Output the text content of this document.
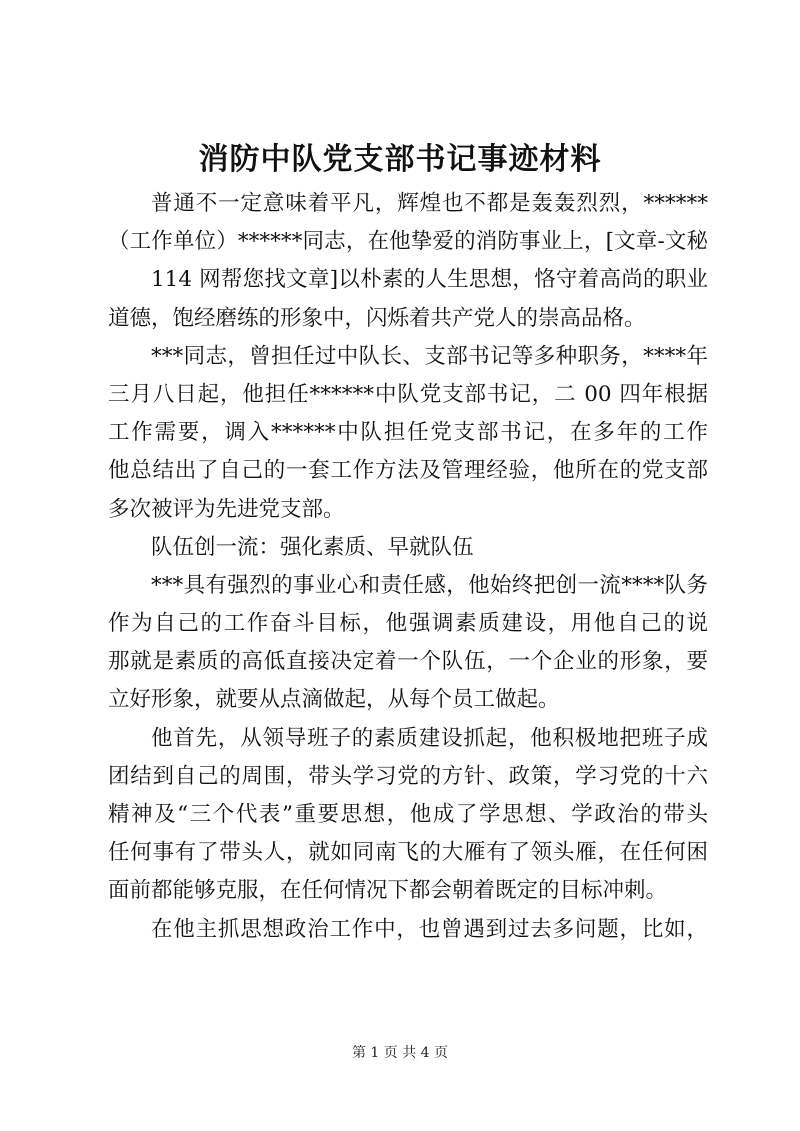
消防中队党支部书记事迹材料
普通不一定意味着平凡，辉煌也不都是轰轰烈烈，******
（工作单位）******同志，在他挚爱的消防事业上，[文章-文秘
114 网帮您找文章]以朴素的人生思想，恪守着高尚的职业
道德，饱经磨练的形象中，闪烁着共产党人的崇高品格。
***同志，曾担任过中队长、支部书记等多种职务，****年
三月八日起，他担任******中队党支部书记，二 00 四年根据
工作需要，调入******中队担任党支部书记，在多年的工作
他总结出了自己的一套工作方法及管理经验，他所在的党支部
多次被评为先进党支部。
队伍创一流：强化素质、早就队伍
***具有强烈的事业心和责任感，他始终把创一流****队务
作为自己的工作奋斗目标，他强调素质建设，用他自己的说
那就是素质的高低直接决定着一个队伍，一个企业的形象，要
立好形象，就要从点滴做起，从每个员工做起。
他首先，从领导班子的素质建设抓起，他积极地把班子成
团结到自己的周围，带头学习党的方针、政策，学习党的十六
精神及“三个代表”重要思想，他成了学思想、学政治的带头
任何事有了带头人，就如同南飞的大雁有了领头雁，在任何困
面前都能够克服，在任何情况下都会朝着既定的目标冲刺。
在他主抓思想政治工作中，也曾遇到过去多问题，比如，
第 1 页 共 4 页
